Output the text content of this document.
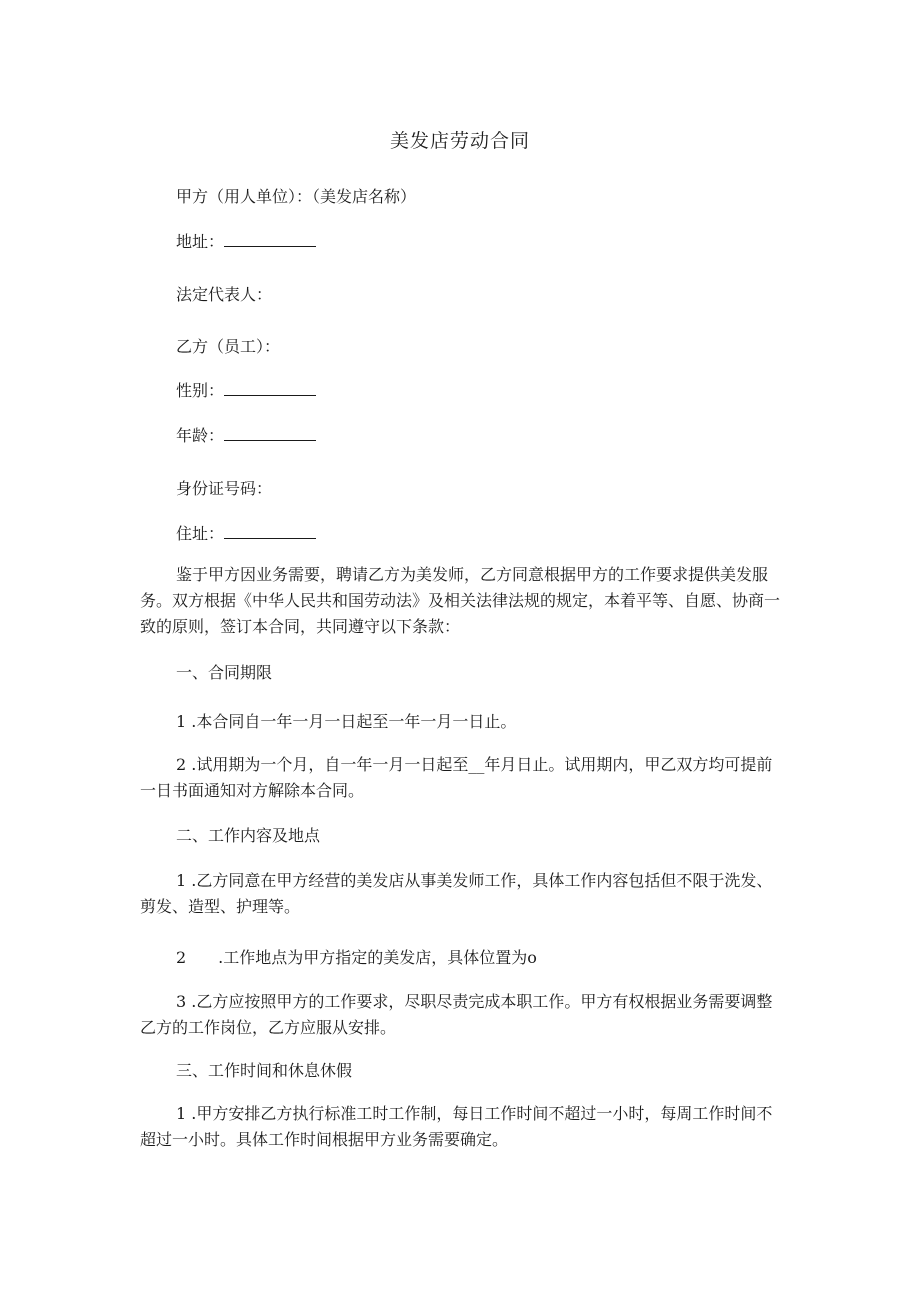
美发店劳动合同
甲方（用人单位）：（美发店名称）
地址：
法定代表人：
乙方（员工）：
性别：
年龄：
身份证号码：
住址：
鉴于甲方因业务需要，聘请乙方为美发师，乙方同意根据甲方的工作要求提供美发服务。双方根据《中华人民共和国劳动法》及相关法律法规的规定，本着平等、自愿、协商一致的原则，签订本合同，共同遵守以下条款：
一、合同期限
1 .本合同自一年一月一日起至一年一月一日止。
2 .试用期为一个月，自一年一月一日起至__年月日止。试用期内，甲乙双方均可提前一日书面通知对方解除本合同。
二、工作内容及地点
1 .乙方同意在甲方经营的美发店从事美发师工作，具体工作内容包括但不限于洗发、剪发、造型、护理等。
2　　.工作地点为甲方指定的美发店，具体位置为o
3 .乙方应按照甲方的工作要求，尽职尽责完成本职工作。甲方有权根据业务需要调整乙方的工作岗位，乙方应服从安排。
三、工作时间和休息休假
1 .甲方安排乙方执行标准工时工作制，每日工作时间不超过一小时，每周工作时间不超过一小时。具体工作时间根据甲方业务需要确定。
